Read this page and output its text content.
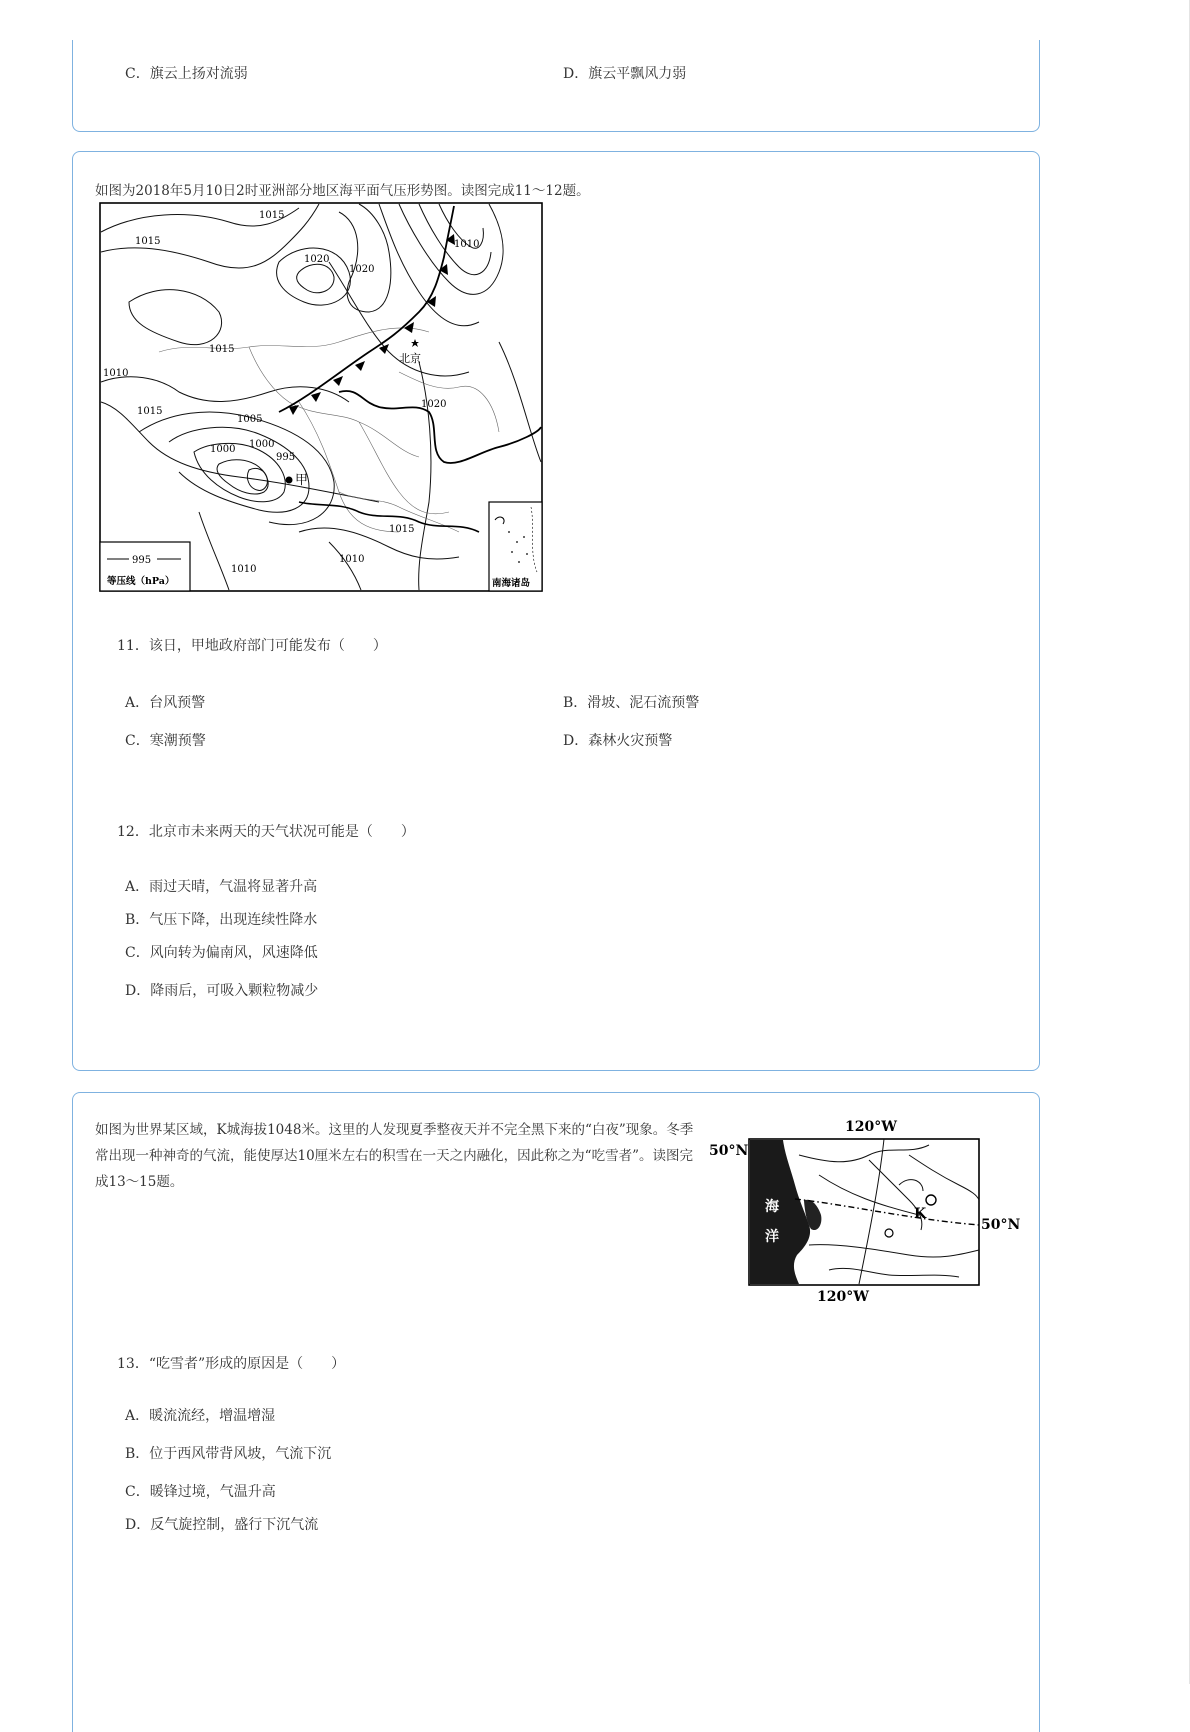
C．旗云上扬对流弱	D．旗云平飘风力弱
如图为2018年5月10日2时亚洲部分地区海平面气压形势图。读图完成11～12题。
北京
甲
1015
1015
1020
1020
1010
1015
1010
1015
1005
1000 1000
995
1020
1015
1010
1010
995
等压线（hPa）	南海诸岛
11．该日，甲地政府部门可能发布（　　）
A．台风预警	B．滑坡、泥石流预警
C．寒潮预警	D．森林火灾预警
12．北京市未来两天的天气状况可能是（　　）
A．雨过天晴，气温将显著升高
B．气压下降，出现连续性降水
C．风向转为偏南风，风速降低
D．降雨后，可吸入颗粒物减少
如图为世界某区域，K城海拔1048米。这里的人发现夏季整夜天并不完全黑下来的“白夜”现象。冬季常出现一种神奇的气流，能使厚达10厘米左右的积雪在一天之内融化，因此称之为“吃雪者”。读图完成13～15题。
120°W
50°N
海
洋
K
50°N
120°W
13．“吃雪者”形成的原因是（　　）
A．暖流流经，增温增湿
B．位于西风带背风坡，气流下沉
C．暖锋过境，气温升高
D．反气旋控制，盛行下沉气流
